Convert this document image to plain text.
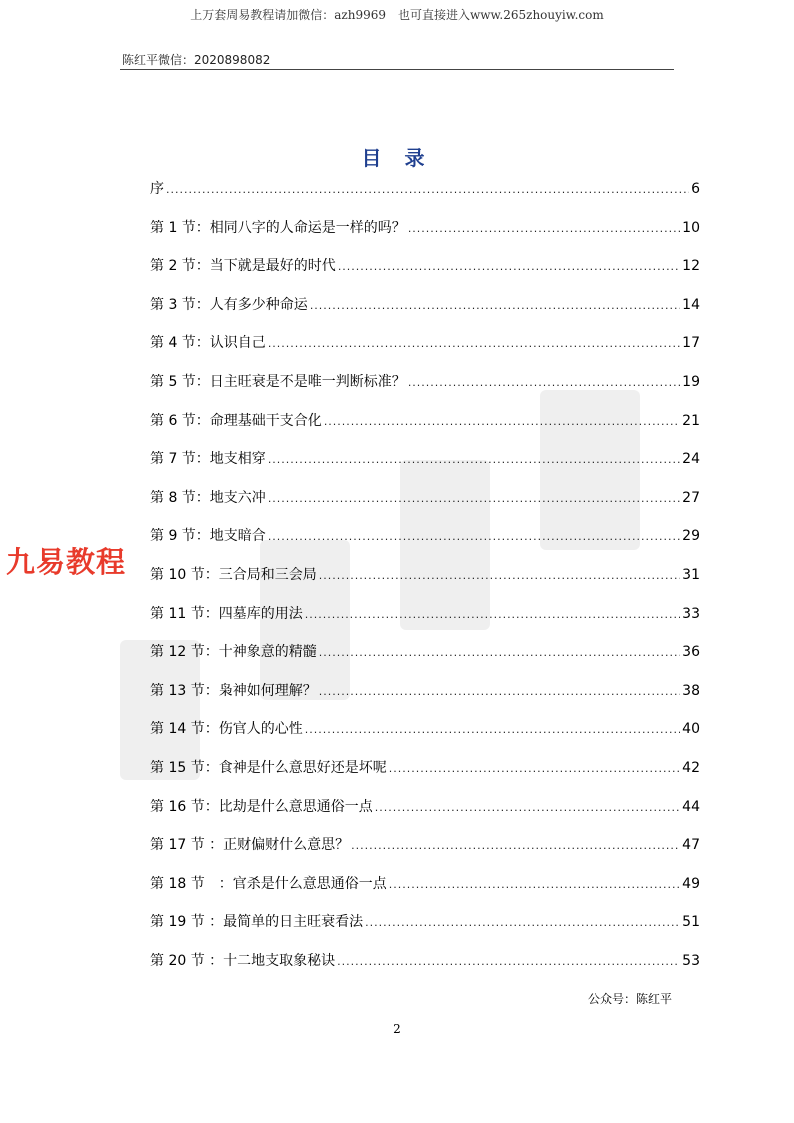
上万套周易教程请加微信：azh9969　也可直接进入www.265zhouyiw.com
陈红平微信：2020898082
九易教程
目 录
序 .....	6
第 1 节：相同八字的人命运是一样的吗？ .....	10
第 2 节：当下就是最好的时代 .....	12
第 3 节：人有多少种命运 .....	14
第 4 节：认识自己 .....	17
第 5 节：日主旺衰是不是唯一判断标准？ .....	19
第 6 节：命理基础干支合化 .....	21
第 7 节：地支相穿 .....	24
第 8 节：地支六冲 .....	27
第 9 节：地支暗合 .....	29
第 10 节：三合局和三会局 .....	31
第 11 节：四墓库的用法 .....	33
第 12 节：十神象意的精髓 .....	36
第 13 节：枭神如何理解？ .....	38
第 14 节：伤官人的心性 .....	40
第 15 节：食神是什么意思好还是坏呢 .....	42
第 16 节：比劫是什么意思通俗一点 .....	44
第 17 节 ：正财偏财什么意思？ .....	47
第 18 节　：官杀是什么意思通俗一点 .....	49
第 19 节 ：最简单的日主旺衰看法 .....	51
第 20 节 ：十二地支取象秘诀 .....	53
公众号：陈红平
2
